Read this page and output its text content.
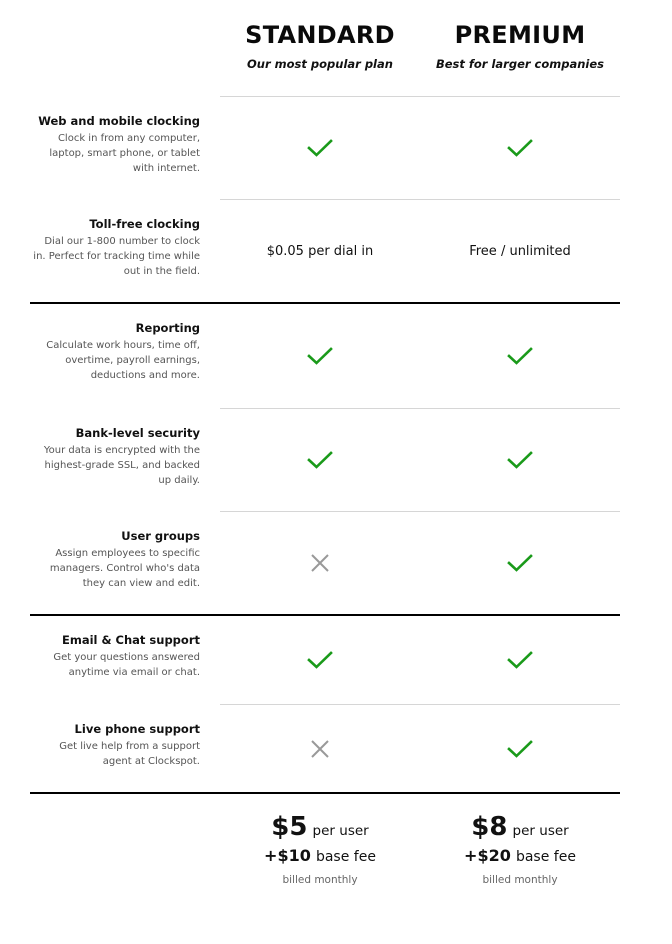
STANDARD
Our most popular plan
PREMIUM
Best for larger companies
Web and mobile clocking
Clock in from any computer, laptop, smart phone, or tablet with internet.
Toll-free clocking
Dial our 1-800 number to clock in. Perfect for tracking time while out in the field.
$0.05 per dial in	Free / unlimited
Reporting
Calculate work hours, time off, overtime, payroll earnings, deductions and more.
Bank-level security
Your data is encrypted with the highest-grade SSL, and backed up daily.
User groups
Assign employees to specific managers. Control who's data they can view and edit.
Email & Chat support
Get your questions answered anytime via email or chat.
Live phone support
Get live help from a support agent at Clockspot.
$5 per user
+$10 base fee
billed monthly
$8 per user
+$20 base fee
billed monthly
